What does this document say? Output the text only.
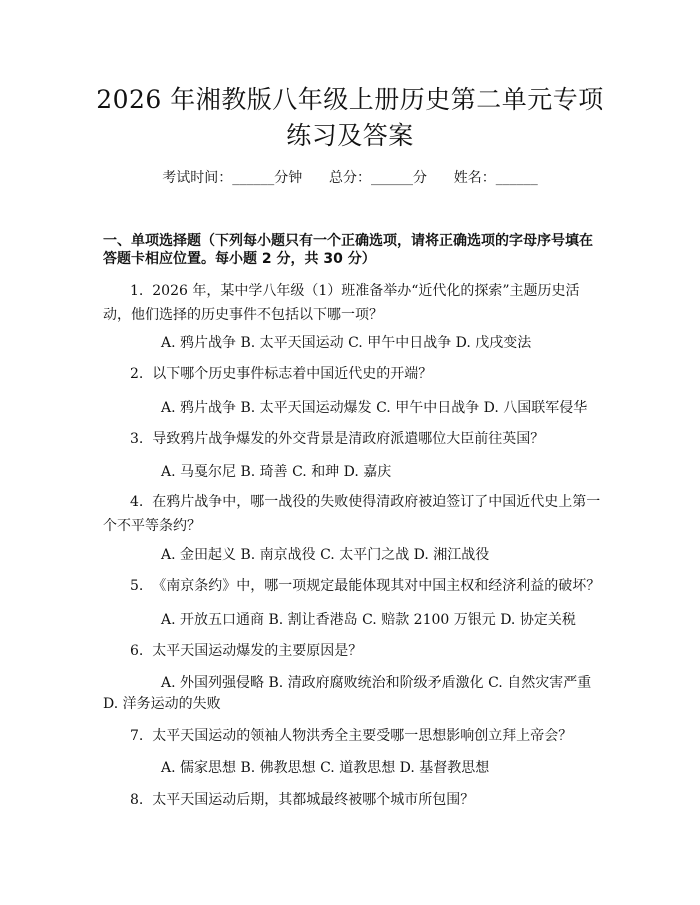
2026 年湘教版八年级上册历史第二单元专项
练习及答案
考试时间：______分钟      总分：______分      姓名：______
一、单项选择题（下列每小题只有一个正确选项，请将正确选项的字母序号填在
答题卡相应位置。每小题 2 分，共 30 分）
1.  2026 年，某中学八年级（1）班准备举办“近代化的探索”主题历史活
动，他们选择的历史事件不包括以下哪一项？
A. 鸦片战争 B. 太平天国运动 C. 甲午中日战争 D. 戊戌变法
2.  以下哪个历史事件标志着中国近代史的开端？
A. 鸦片战争 B. 太平天国运动爆发 C. 甲午中日战争 D. 八国联军侵华
3.  导致鸦片战争爆发的外交背景是清政府派遣哪位大臣前往英国？
A. 马戛尔尼 B. 琦善 C. 和珅 D. 嘉庆
4.  在鸦片战争中，哪一战役的失败使得清政府被迫签订了中国近代史上第一
个不平等条约？
A. 金田起义 B. 南京战役 C. 太平门之战 D. 湘江战役
5.  《南京条约》中，哪一项规定最能体现其对中国主权和经济利益的破坏？
A. 开放五口通商 B. 割让香港岛 C. 赔款 2100 万银元 D. 协定关税
6.  太平天国运动爆发的主要原因是？
A. 外国列强侵略 B. 清政府腐败统治和阶级矛盾激化 C. 自然灾害严重
D. 洋务运动的失败
7.  太平天国运动的领袖人物洪秀全主要受哪一思想影响创立拜上帝会？
A. 儒家思想 B. 佛教思想 C. 道教思想 D. 基督教思想
8.  太平天国运动后期，其都城最终被哪个城市所包围？
